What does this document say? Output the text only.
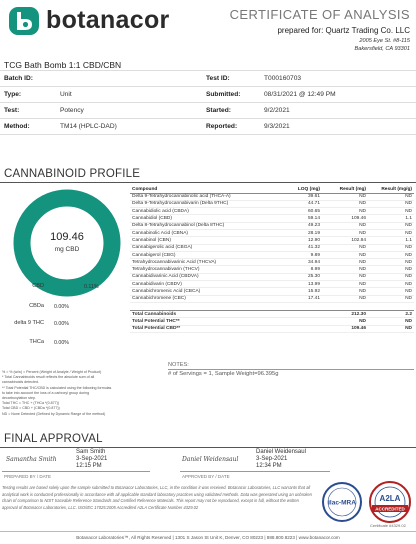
botanacor	CERTIFICATE OF ANALYSIS
prepared for: Quartz Trading Co. LLC
2005 Eye St. #8-115
Bakersfield, CA 93301
TCG Bath Bomb 1:1 CBD/CBN
Batch ID:		Test ID:	T000160703
Type:	Unit	Submitted:	08/31/2021 @ 12:49 PM
Test:	Potency	Started:	9/2/2021
Method:	TM14 (HPLC-DAD)	Reported:	9/3/2021
CANNABINOID PROFILE
109.46
mg CBD
CBD	0.11%
CBDa 0.00%
delta 9 THC 0.00%
THCa 0.00%
% = % (w/w) = Percent (Weight of Analyte / Weight of Product)
* Total Cannabinoids result reflects the absolute sum of all
cannabinoids detected.
** Total Potential THC/CBD is calculated using the following formulas
to take into account the loss of a carboxyl group during
decarboxylation step.
Total THC = THC + (THCa *(0.877))
Total CBD = CBD + (CBDa *(0.877))
ND = None Detected (Defined by Dynamic Range of the method)
Compound	LOQ (mg)	Result (mg)	Result (mg/g)
Delta 9-Tetrahydrocannabinolic acid (THCA-A)	39.61	ND	ND
Delta 9-Tetrahydrocannabivarin (Delta 9THC)	44.71	ND	ND
Cannabidiolic acid (CBDA)	60.65	ND	ND
Cannabidiol (CBD)	59.14	109.46	1.1
Delta 8-Tetrahydrocannabinol (Delta 8THC)	49.23	ND	ND
Cannabinolic Acid (CBNA)	28.19	ND	ND
Cannabinol (CBN)	12.90	102.84	1.1
Cannabigerolic acid (CBGA)	41.32	ND	ND
Cannabigerol (CBG)	9.89	ND	ND
Tetrahydrocannabivarinic Acid (THCVA)	34.94	ND	ND
Tetrahydrocannabivarin (THCV)	8.99	ND	ND
Cannabidivarinic Acid (CBDVA)	25.30	ND	ND
Cannabidivarin (CBDV)	13.99	ND	ND
Cannabichromenic Acid (CBCA)	15.92	ND	ND
Cannabichromene (CBC)	17.41	ND	ND

Total Cannabinoids		212.30	2.2
Total Potential THC**		ND	ND
Total Potential CBD**		109.46	ND
NOTES:
# of Servings = 1, Sample Weight=96.395g
FINAL APPROVAL
Samantha Smith
Sam Smith
3-Sep-2021
12:15 PM
PREPARED BY / DATE
Daniel Weidensaul
Daniel Weidensaul
3-Sep-2021
12:34 PM
APPROVED BY / DATE
Testing results are based solely upon the sample submitted to Botanacor Laboratories, LLC, in the condition it was received. Botanacor Laboratories, LLC warrants that all analytical work is conducted professionally in accordance with all applicable standard laboratory practices using validated methods. Data was generated using an unbroken chain of comparison to NIST traceable Reference Standards and Certified Reference Materials. This report may not be reproduced, except in full, without the written approval of Botanacor Laboratories, LLC. ISO/IEC 17025:2005 Accredited A2LA Certificate Number 4329.02
ilac-MRA	A2LA
ACCREDITED
Certificate #4329.02
Botanacor Laboratories™, All Rights Reserved | 1301 S Jason St Unit K, Denver, CO 80223 | 888.800.8223 | www.botanacor.com
